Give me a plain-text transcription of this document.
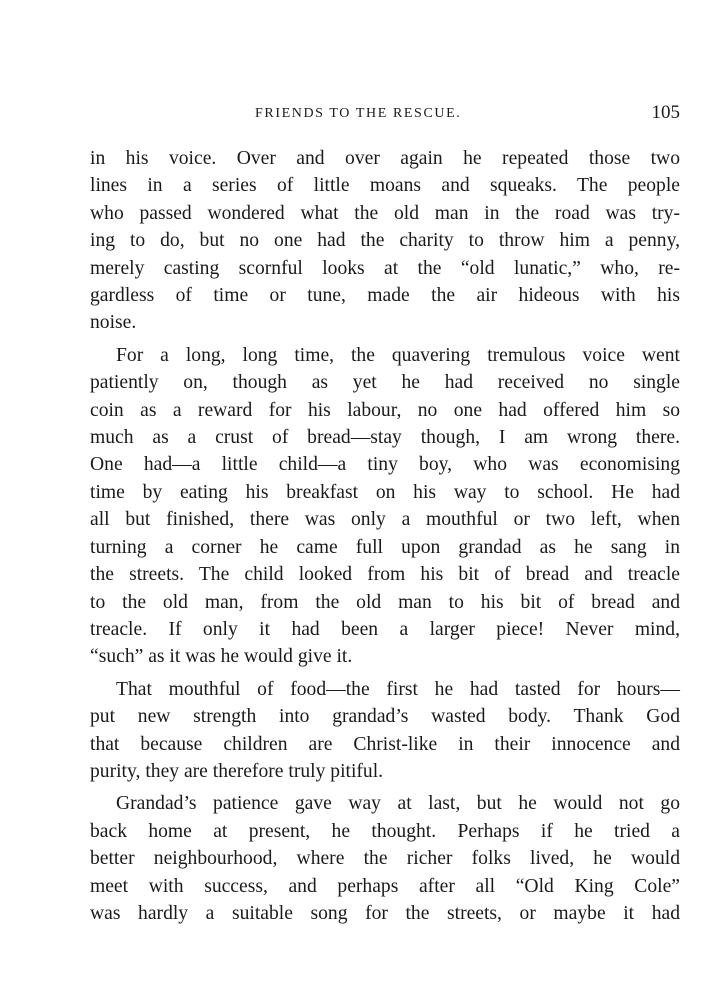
FRIENDS TO THE RESCUE.	105
in his voice. Over and over again he repeated those two
lines in a series of little moans and squeaks. The people
who passed wondered what the old man in the road was try-
ing to do, but no one had the charity to throw him a penny,
merely casting scornful looks at the “old lunatic,” who, re-
gardless of time or tune, made the air hideous with his
noise.
For a long, long time, the quavering tremulous voice went
patiently on, though as yet he had received no single
coin as a reward for his labour, no one had offered him so
much as a crust of bread—stay though, I am wrong there.
One had—a little child—a tiny boy, who was economising
time by eating his breakfast on his way to school. He had
all but finished, there was only a mouthful or two left, when
turning a corner he came full upon grandad as he sang in
the streets. The child looked from his bit of bread and treacle
to the old man, from the old man to his bit of bread and
treacle. If only it had been a larger piece! Never mind,
“such” as it was he would give it.
That mouthful of food—the first he had tasted for hours—
put new strength into grandad’s wasted body. Thank God
that because children are Christ-like in their innocence and
purity, they are therefore truly pitiful.
Grandad’s patience gave way at last, but he would not go
back home at present, he thought. Perhaps if he tried a
better neighbourhood, where the richer folks lived, he would
meet with success, and perhaps after all “Old King Cole”
was hardly a suitable song for the streets, or maybe it had
